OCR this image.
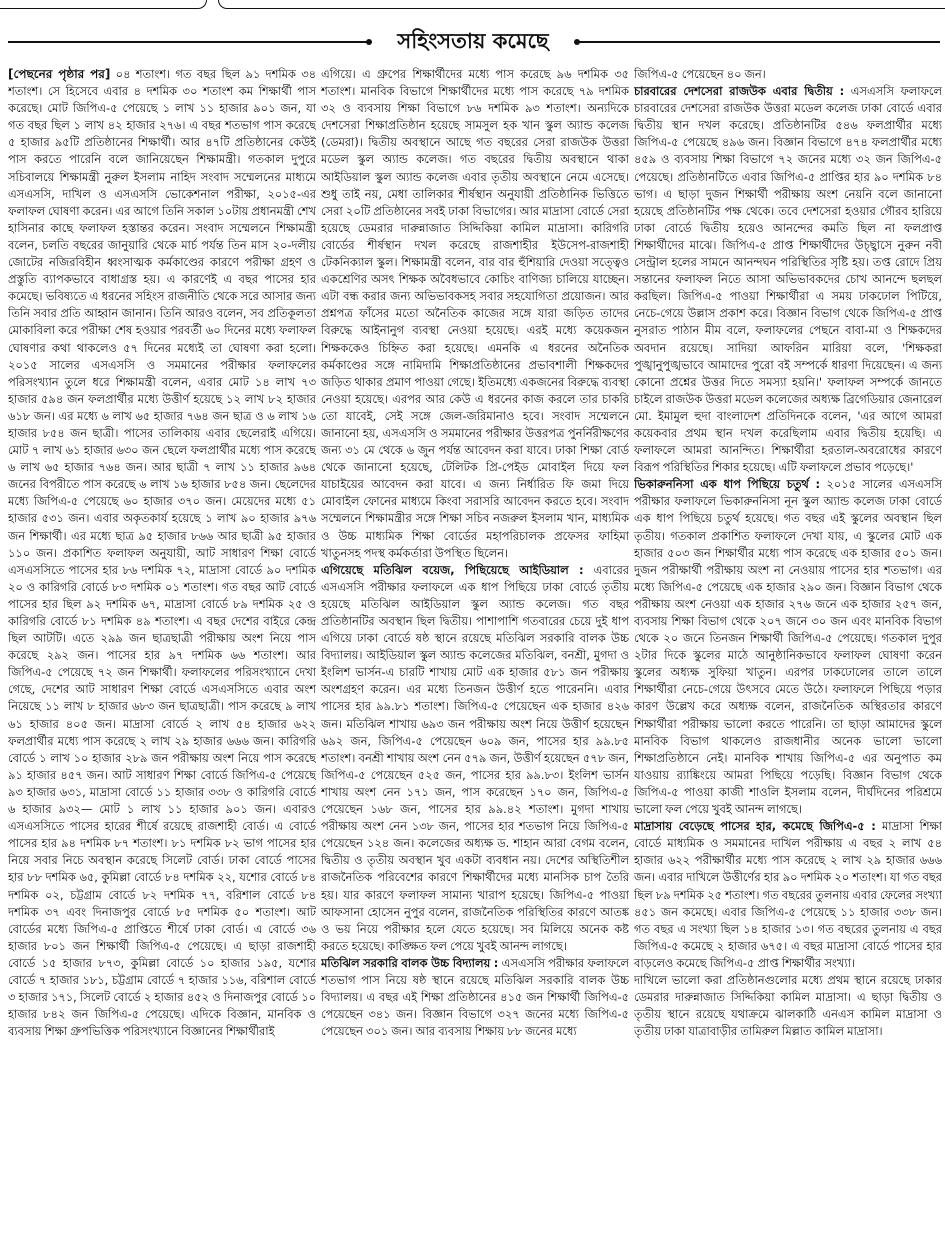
সহিংসতায় কমেছে

[পেছনের পৃষ্ঠার পর] ০৪ শতাংশ। গত বছর ছিল ৯১ দশমিক ৩৪ শতাংশ। সে হিসেবে এবার ৪ দশমিক ৩০ শতাংশ কম শিক্ষার্থী পাস করেছে। মোট জিপিএ-৫ পেয়েছে ১ লাখ ১১ হাজার ৯০১ জন, যা গত বছর ছিল ১ লাখ ৪২ হাজার ২৭৬। এ বছর শতভাগ পাস করেছে ৫ হাজার ৯৫টি প্রতিষ্ঠানের শিক্ষার্থী। আর ৪৭টি প্রতিষ্ঠানের কেউই পাস করতে পারেনি বলে জানিয়েছেন শিক্ষামন্ত্রী। গতকাল দুপুরে সচিবালয়ে শিক্ষামন্ত্রী নুরুল ইসলাম নাহিদ সংবাদ সম্মেলনের মাধ্যমে এসএসসি, দাখিল ও এসএসসি ভোকেশনাল পরীক্ষা, ২০১৫-এর ফলাফল ঘোষণা করেন। এর আগে তিনি সকাল ১০টায় প্রধানমন্ত্রী শেখ হাসিনার কাছে ফলাফল হস্তান্তর করেন। সংবাদ সম্মেলনে শিক্ষামন্ত্রী বলেন, চলতি বছরের জানুয়ারি থেকে মার্চ পর্যন্ত তিন মাস ২০-দলীয় জোটের নজিরবিহীন ধ্বংসাত্মক কর্মকাণ্ডের কারণে পরীক্ষা গ্রহণ ও প্রস্তুতি ব্যাপকভাবে বাধাগ্রস্ত হয়। এ কারণেই এ বছর পাসের হার কমেছে। ভবিষ্যতে এ ধরনের সহিংস রাজনীতি থেকে সরে আসার জন্য তিনি সবার প্রতি আহ্বান জানান। তিনি আরও বলেন, সব প্রতিকূলতা মোকাবিলা করে পরীক্ষা শেষ হওয়ার পরবর্তী ৬০ দিনের মধ্যে ফলাফল ঘোষণার কথা থাকলেও ৫৭ দিনের মধ্যেই তা ঘোষণা করা হলো। ২০১৫ সালের এসএসসি ও সমমানের পরীক্ষার ফলাফলের পরিসংখ্যান তুলে ধরে শিক্ষামন্ত্রী বলেন, এবার মোট ১৪ লাখ ৭৩ হাজার ৫৯৪ জন ফলপ্রার্থীর মধ্যে উত্তীর্ণ হয়েছে ১২ লাখ ৮২ হাজার ৬১৮ জন। এর মধ্যে ৬ লাখ ৬৫ হাজার ৭৬৪ জন ছাত্র ও ৬ লাখ ১৬ হাজার ৮৫৪ জন ছাত্রী। পাসের তালিকায় এবার ছেলেরাই এগিয়ে। মোট ৭ লাখ ৬১ হাজার ৬৩০ জন ছেলে ফলপ্রার্থীর মধ্যে পাস করেছে ৬ লাখ ৬৫ হাজার ৭৬৪ জন। আর ছাত্রী ৭ লাখ ১১ হাজার ৯৬৪ জনের বিপরীতে পাস করেছে ৬ লাখ ১৬ হাজার ৮৫৪ জন। ছেলেদের মধ্যে জিপিএ-৫ পেয়েছে ৬০ হাজার ৩৭০ জন। মেয়েদের মধ্যে ৫১ হাজার ৫৩১ জন। এবার অকৃতকার্য হয়েছে ১ লাখ ৯০ হাজার ৯৭৬ জন শিক্ষার্থী। এর মধ্যে ছাত্র ৯৫ হাজার ৮৬৬ আর ছাত্রী ৯৫ হাজার ১১০ জন। প্রকাশিত ফলাফল অনুযায়ী, আট সাধারণ শিক্ষা বোর্ডে এসএসসিতে পাসের হার ৮৬ দশমিক ৭২, মাদ্রাসা বোর্ডে ৯০ দশমিক ২০ ও কারিগরি বোর্ডে ৮৩ দশমিক ০১ শতাংশ। গত বছর আট বোর্ডে পাসের হার ছিল ৯২ দশমিক ৬৭, মাদ্রাসা বোর্ডে ৮৯ দশমিক ২৫ ও কারিগরি বোর্ডে ৮১ দশমিক ৪৯ শতাংশ। এ বছর দেশের বাইরে কেন্দ্র ছিল আটটি। এতে ২৯৯ জন ছাত্রছাত্রী পরীক্ষায় অংশ নিয়ে পাস করেছে ২৯২ জন। পাসের হার ৯৭ দশমিক ৬৬ শতাংশ। আর জিপিএ-৫ পেয়েছে ৭২ জন শিক্ষার্থী। ফলাফলের পরিসংখ্যানে দেখা গেছে, দেশের আট সাধারণ শিক্ষা বোর্ডে এসএসসিতে এবার অংশ নিয়েছে ১১ লাখ ৮ হাজার ৬৮৩ জন ছাত্রছাত্রী। পাস করেছে ৯ লাখ ৬১ হাজার ৪০৫ জন। মাদ্রাসা বোর্ডে ২ লাখ ৫৪ হাজার ৬২২ ফলপ্রার্থীর মধ্যে পাস করেছে ২ লাখ ২৯ হাজার ৬৬৬ জন। কারিগরি বোর্ডে ১ লাখ ১০ হাজার ২৮৯ জন পরীক্ষায় অংশ নিয়ে পাস করেছে ৯১ হাজার ৪৫৭ জন। আট সাধারণ শিক্ষা বোর্ডে জিপিএ-৫ পেয়েছে ৯৩ হাজার ৬৩১, মাদ্রাসা বোর্ডে ১১ হাজার ৩৩৮ ও কারিগরি বোর্ডে ৬ হাজার ৯৩২— মোট ১ লাখ ১১ হাজার ৯০১ জন। এবারও এসএসসিতে পাসের হারের শীর্ষে রয়েছে রাজশাহী বোর্ড। এ বোর্ডে পাসের হার ৯৪ দশমিক ৮৭ শতাংশ। ৮১ দশমিক ৮২ ভাগ পাসের হার নিয়ে সবার নিচে অবস্থান করেছে সিলেট বোর্ড। ঢাকা বোর্ডে পাসের হার ৮৮ দশমিক ৬৫, কুমিল্লা বোর্ডে ৮৪ দশমিক ২২, যশোর বোর্ডে ৮৪ দশমিক ০২, চট্টগ্রাম বোর্ডে ৮২ দশমিক ৭৭, বরিশাল বোর্ডে ৮৪ দশমিক ৩৭ এবং দিনাজপুর বোর্ডে ৮৫ দশমিক ৫০ শতাংশ। আট বোর্ডের মধ্যে জিপিএ-৫ প্রাপ্তিতে শীর্ষে ঢাকা বোর্ড। এ বোর্ডে ৩৬ হাজার ৮০১ জন শিক্ষার্থী জিপিএ-৫ পেয়েছে। এ ছাড়া রাজশাহী বোর্ডে ১৫ হাজার ৮৭৩, কুমিল্লা বোর্ডে ১০ হাজার ১৯৫, যশোর বোর্ডে ৭ হাজার ১৮১, চট্টগ্রাম বোর্ডে ৭ হাজার ১১৬, বরিশাল বোর্ডে ৩ হাজার ১৭১, সিলেট বোর্ডে ২ হাজার ৪৫২ ও দিনাজপুর বোর্ডে ১০ হাজার ৮৪২ জন জিপিএ-৫ পেয়েছে। এদিকে বিজ্ঞান, মানবিক ও ব্যবসায় শিক্ষা গ্রুপভিত্তিক পরিসংখ্যানে বিজ্ঞানের শিক্ষার্থীরাই

এগিয়ে। এ গ্রুপের শিক্ষার্থীদের মধ্যে পাস করেছে ৯৬ দশমিক ৩৫ শতাংশ। মানবিক বিভাগে শিক্ষার্থীদের মধ্যে পাস করেছে ৭৯ দশমিক ৩২ ও ব্যবসায় শিক্ষা বিভাগে ৮৬ দশমিক ৯৩ শতাংশ। অন্যদিকে দেশসেরা শিক্ষাপ্রতিষ্ঠান হয়েছে সামসুল হক খান স্কুল অ্যান্ড কলেজ (ডেমরা)। দ্বিতীয় অবস্থানে আছে গত বছরের সেরা রাজউক উত্তরা মডেল স্কুল অ্যান্ড কলেজ। গত বছরের দ্বিতীয় অবস্থানে থাকা আইডিয়াল স্কুল অ্যান্ড কলেজ এবার তৃতীয় অবস্থানে নেমে এসেছে। শুধু তাই নয়, মেধা তালিকার শীর্ষস্থান অনুযায়ী প্রতিষ্ঠানিক ভিত্তিতে সেরা ২০টি প্রতিষ্ঠানের সবই ঢাকা বিভাগের। আর মাদ্রাসা বোর্ডে সেরা হয়েছে ডেমরার দারুন্নাজাত সিদ্দিকিয়া কামিল মাদ্রাসা। কারিগরি বোর্ডের শীর্ষস্থান দখল করেছে রাজশাহীর ইউসেপ-রাজশাহী টেকনিক্যাল স্কুল। শিক্ষামন্ত্রী বলেন, বার বার হুঁশিয়ারি দেওয়া সত্ত্বেও একশ্রেণির অসৎ শিক্ষক অবৈধভাবে কোচিং বাণিজ্য চালিয়ে যাচ্ছেন। এটা বন্ধ করার জন্য অভিভাবকসহ সবার সহযোগিতা প্রয়োজন। আর প্রশ্নপত্র ফাঁসের মতো অনৈতিক কাজের সঙ্গে যারা জড়িত তাদের বিরুদ্ধে আইনানুগ ব্যবস্থা নেওয়া হয়েছে। এরই মধ্যে কয়েকজন শিক্ষককেও চিহ্নিত করা হয়েছে। এমনকি এ ধরনের অনৈতিক কর্মকাণ্ডের সঙ্গে নামিদামি শিক্ষাপ্রতিষ্ঠানের প্রভাবশালী শিক্ষকদের জড়িত থাকার প্রমাণ পাওয়া গেছে। ইতিমধ্যে একজনের বিরুদ্ধে ব্যবস্থা নেওয়া হয়েছে। এরপর আর কেউ এ ধরনের কাজ করলে তার চাকরি তো যাবেই, সেই সঙ্গে জেল-জরিমানাও হবে। সংবাদ সম্মেলনে জানানো হয়, এসএসসি ও সমমানের পরীক্ষার উত্তরপত্র পুনর্নিরীক্ষণের জন্য ৩১ মে থেকে ৬ জুন পর্যন্ত আবেদন করা যাবে। ঢাকা শিক্ষা বোর্ড থেকে জানানো হয়েছে, টেলিটক প্রি-পেইড মোবাইল দিয়ে ফল যাচাইয়ের আবেদন করা যাবে। এ জন্য নির্ধারিত ফি জমা দিয়ে মোবাইল ফোনের মাধ্যমে কিংবা সরাসরি আবেদন করতে হবে। সংবাদ সম্মেলনে শিক্ষামন্ত্রীর সঙ্গে শিক্ষা সচিব নজরুল ইসলাম খান, মাধ্যমিক ও উচ্চ মাধ্যমিক শিক্ষা বোর্ডের মহাপরিচালক প্রফেসর ফাহিমা খাতুনসহ পদস্থ কর্মকর্তারা উপস্থিত ছিলেন।

এগিয়েছে মতিঝিল বয়েজ, পিছিয়েছে আইডিয়াল : এবারের এসএসসি পরীক্ষার ফলাফলে এক ধাপ পিছিয়ে ঢাকা বোর্ডে তৃতীয় হয়েছে মতিঝিল আইডিয়াল স্কুল অ্যান্ড কলেজ। গত বছর প্রতিষ্ঠানটির অবস্থান ছিল দ্বিতীয়। পাশাপাশি গতবারের চেয়ে দুই ধাপ এগিয়ে ঢাকা বোর্ডে ষষ্ঠ স্থানে রয়েছে মতিঝিল সরকারি বালক উচ্চ বিদ্যালয়। আইডিয়াল স্কুল অ্যান্ড কলেজের মতিঝিল, বনশ্রী, মুগদা ও ইংলিশ ভার্সন-এ চারটি শাখায় মোট এক হাজার ৫৮১ জন পরীক্ষায় অংশগ্রহণ করেন। এর মধ্যে তিনজন উত্তীর্ণ হতে পারেননি। এবার পাসের হার ৯৯.৮১ শতাংশ। জিপিএ-৫ পেয়েছেন এক হাজার ৪২৬ জন। মতিঝিল শাখায় ৬৯৩ জন পরীক্ষায় অংশ নিয়ে উত্তীর্ণ হয়েছেন ৬৯২ জন, জিপিএ-৫ পেয়েছেন ৬০৯ জন, পাসের হার ৯৯.৮৫ শতাংশ। বনশ্রী শাখায় অংশ নেন ৫৭৯ জন, উত্তীর্ণ হয়েছেন ৫৭৮ জন, জিপিএ-৫ পেয়েছেন ৫২৫ জন, পাসের হার ৯৯.৮৩। ইংলিশ ভার্সন শাখায় অংশ নেন ১৭১ জন, পাস করেছেন ১৭০ জন, জিপিএ-৫ পেয়েছেন ১৬৮ জন, পাসের হার ৯৯.৪২ শতাংশ। মুগদা শাখায় পরীক্ষায় অংশ নেন ১৩৮ জন, পাসের হার শতভাগ নিয়ে জিপিএ-৫ পেয়েছেন ১২৪ জন। কলেজের অধ্যক্ষ ড. শাহান আরা বেগম বলেন, দ্বিতীয় ও তৃতীয় অবস্থান খুব একটা ব্যবধান নয়। দেশের অস্থিতিশীল রাজনৈতিক পরিবেশের কারণে শিক্ষার্থীদের মধ্যে মানসিক চাপ তৈরি হয়। যার কারণে ফলাফল সামান্য খারাপ হয়েছে। জিপিএ-৫ পাওয়া আফসানা হোসেন নুপুর বলেন, রাজনৈতিক পরিস্থিতির কারণে আতঙ্ক ও ভয় নিয়ে পরীক্ষার হলে যেতে হয়েছে। সব মিলিয়ে অনেক কষ্ট করতে হয়েছে। কাঙ্ক্ষিত ফল পেয়ে খুবই আনন্দ লাগছে।

মতিঝিল সরকারি বালক উচ্চ বিদ্যালয় : এসএসসি পরীক্ষার ফলাফলে শতভাগ পাস নিয়ে ষষ্ঠ স্থানে রয়েছে মতিঝিল সরকারি বালক উচ্চ বিদ্যালয়। এ বছর এই শিক্ষা প্রতিষ্ঠানের ৪১৫ জন শিক্ষার্থী জিপিএ-৫ পেয়েছেন ৩৪১ জন। বিজ্ঞান বিভাগে ৩২৭ জনের মধ্যে জিপিএ-৫ পেয়েছেন ৩০১ জন। আর ব্যবসায় শিক্ষায় ৮৮ জনের মধ্যে

জিপিএ-৫ পেয়েছেন ৪০ জন।

চারবারের দেশসেরা রাজউক এবার দ্বিতীয় : এসএসসি ফলাফলে চারবারের দেশসেরা রাজউক উত্তরা মডেল কলেজ ঢাকা বোর্ডে এবার দ্বিতীয় স্থান দখল করেছে। প্রতিষ্ঠানটির ৫৪৬ ফলপ্রার্থীর মধ্যে জিপিএ-৫ পেয়েছে ৪৯৬ জন। বিজ্ঞান বিভাগে ৪৭৪ ফলপ্রার্থীর মধ্যে ৪৫৯ ও ব্যবসায় শিক্ষা বিভাগে ৭২ জনের মধ্যে ৩২ জন জিপিএ-৫ পেয়েছে। প্রতিষ্ঠানটিতে এবার জিপিএ-৫ প্রাপ্তির হার ৯০ দশমিক ৮৪ ভাগ। এ ছাড়া দুজন শিক্ষার্থী পরীক্ষায় অংশ নেয়নি বলে জানানো হয়েছে প্রতিষ্ঠানটির পক্ষ থেকে। তবে দেশসেরা হওয়ার গৌরব হারিয়ে ঢাকা বোর্ডে দ্বিতীয় হয়েও আনন্দের কমতি ছিল না ফলপ্রাপ্ত শিক্ষার্থীদের মাঝে। জিপিএ-৫ প্রাপ্ত শিক্ষার্থীদের উচ্ছ্বাসে নুরুন নবী সেন্ট্রাল হলের সামনে আনন্দঘন পরিস্থিতির সৃষ্টি হয়। তপ্ত রোদে প্রিয় সন্তানের ফলাফল নিতে আসা অভিভাবকদের চোখ আনন্দে ছলছল করছিল। জিপিএ-৫ পাওয়া শিক্ষার্থীরা এ সময় ঢাকঢোল পিটিয়ে, নেচে-গেয়ে উল্লাস প্রকাশ করে। বিজ্ঞান বিভাগ থেকে জিপিএ-৫ প্রাপ্ত নুসরাত পাঠান মীম বলে, ফলাফলের পেছনে বাবা-মা ও শিক্ষকদের অবদান রয়েছে। সাদিয়া আফরিন মারিয়া বলে, 'শিক্ষকরা পুঙ্খানুপুঙ্খভাবে আমাদের পুরো বই সম্পর্কে ধারণা দিয়েছেন। এ জন্য কোনো প্রশ্নের উত্তর দিতে সমস্যা হয়নি।' ফলাফল সম্পর্কে জানতে চাইলে রাজউক উত্তরা মডেল কলেজের অধ্যক্ষ ব্রিগেডিয়ার জেনারেল মো. ইমামুল হুদা বাংলাদেশ প্রতিদিনকে বলেন, 'এর আগে আমরা কয়েকবার প্রথম স্থান দখল করেছিলাম এবার দ্বিতীয় হয়েছি। এ ফলাফলে আমরা আনন্দিত। শিক্ষার্থীরা হরতাল-অবরোধের কারণে বিরূপ পরিস্থিতির শিকার হয়েছে। এটি ফলাফলে প্রভাব পড়েছে।'

ভিকারুননিসা এক ধাপ পিছিয়ে চতুর্থ : ২০১৫ সালের এসএসসি পরীক্ষার ফলাফলে ভিকারুননিসা নূন স্কুল অ্যান্ড কলেজ ঢাকা বোর্ডে এক ধাপ পিছিয়ে চতুর্থ হয়েছে। গত বছর এই স্কুলের অবস্থান ছিল তৃতীয়। গতকাল প্রকাশিত ফলাফলে দেখা যায়, এ স্কুলের মোট এক হাজার ৫০৩ জন শিক্ষার্থীর মধ্যে পাস করেছে এক হাজার ৫০১ জন। দুজন পরীক্ষার্থী পরীক্ষায় অংশ না নেওয়ায় পাসের হার শতভাগ। এর মধ্যে জিপিএ-৫ পেয়েছে এক হাজার ২৯০ জন। বিজ্ঞান বিভাগ থেকে পরীক্ষায় অংশ নেওয়া এক হাজার ২৭৬ জনে এক হাজার ২৫৭ জন, ব্যবসায় শিক্ষা বিভাগ থেকে ২০৭ জনে ৩০ জন এবং মানবিক বিভাগ থেকে ২০ জনে তিনজন শিক্ষার্থী জিপিএ-৫ পেয়েছে। গতকাল দুপুর ২টার দিকে স্কুলের মাঠে আনুষ্ঠানিকভাবে ফলাফল ঘোষণা করেন স্কুলের অধ্যক্ষ সুফিয়া খাতুন। এরপর ঢাকঢোলের তালে তালে শিক্ষার্থীরা নেচে-গেয়ে উৎসবে মেতে উঠে। ফলাফলে পিছিয়ে পড়ার কারণ উল্লেখ করে অধ্যক্ষ বলেন, রাজনৈতিক অস্থিরতার কারণে শিক্ষার্থীরা পরীক্ষায় ভালো করতে পারেনি। তা ছাড়া আমাদের স্কুলে মানবিক বিভাগ থাকলেও রাজধানীর অনেক ভালো ভালো শিক্ষাপ্রতিষ্ঠানে নেই। মানবিক শাখায় জিপিএ-৫ এর অনুপাত কম যাওয়ায় র‍্যাঙ্কিংয়ে আমরা পিছিয়ে পড়েছি। বিজ্ঞান বিভাগ থেকে জিপিএ-৫ পাওয়া কাজী শাওলি ইসলাম বলেন, দীর্ঘদিনের পরিশ্রমে ভালো ফল পেয়ে খুবই আনন্দ লাগছে।

মাদ্রাসায় বেড়েছে পাসের হার, কমেছে জিপিএ-৫ : মাদ্রাসা শিক্ষা বোর্ডে মাধ্যমিক ও সমমানের দাখিল পরীক্ষায় এ বছর ২ লাখ ৫৪ হাজার ৬২২ পরীক্ষার্থীর মধ্যে পাস করেছে ২ লাখ ২৯ হাজার ৬৬৬ জন। এবার দাখিলে উত্তীর্ণের হার ৯০ দশমিক ২০ শতাংশ। যা গত বছর ছিল ৮৯ দশমিক ২৫ শতাংশ। গত বছরের তুলনায় এবার ফেলের সংখ্যা ৪৫১ জন কমেছে। এবার জিপিএ-৫ পেয়েছে ১১ হাজার ৩৩৮ জন। গত বছর এ সংখ্যা ছিল ১৪ হাজার ১৩। গত বছরের তুলনায় এ বছর জিপিএ-৫ কমেছে ২ হাজার ৬৭৫। এ বছর মাদ্রাসা বোর্ডে পাসের হার বাড়লেও কমেছে জিপিএ-৫ প্রাপ্ত শিক্ষার্থীর সংখ্যা।

দাখিলে ভালো করা প্রতিষ্ঠানগুলোর মধ্যে প্রথম স্থানে রয়েছে ঢাকার ডেমরার দারুন্নাজাত সিদ্দিকিয়া কামিল মাদ্রাসা। এ ছাড়া দ্বিতীয় ও তৃতীয় স্থানে রয়েছে যথাক্রমে ঝালকাঠি এনএস কামিল মাদ্রাসা ও তৃতীয় ঢাকা যাত্রাবাড়ীর তামিরুল মিল্লাত কামিল মাদ্রাসা।
